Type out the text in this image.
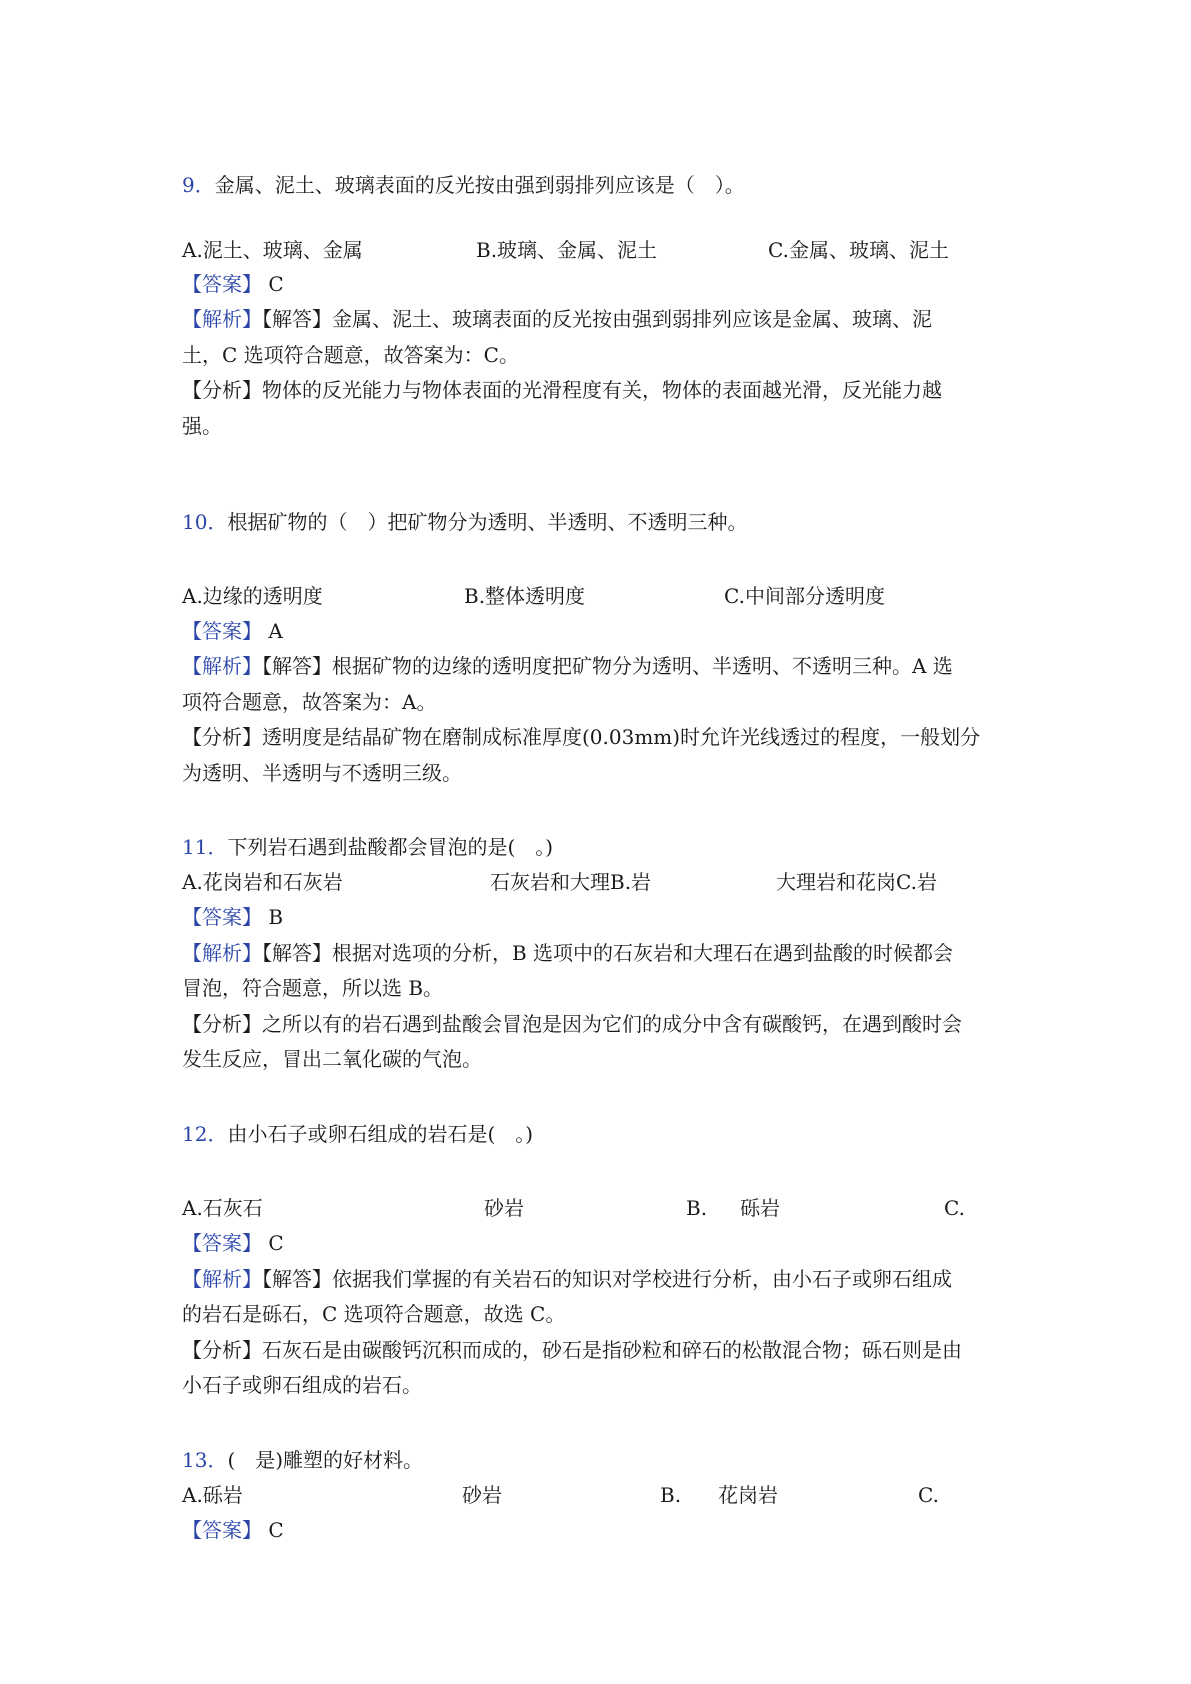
9．金属、泥土、玻璃表面的反光按由强到弱排列应该是（　）。
A.泥土、玻璃、金属	B.玻璃、金属、泥土	C.金属、玻璃、泥土
【答案】 C
【解析】【解答】金属、泥土、玻璃表面的反光按由强到弱排列应该是金属、玻璃、泥
土，C 选项符合题意，故答案为：C。
【分析】物体的反光能力与物体表面的光滑程度有关，物体的表面越光滑，反光能力越
强。
10．根据矿物的（　）把矿物分为透明、半透明、不透明三种。
A.边缘的透明度	B.整体透明度	C.中间部分透明度
【答案】 A
【解析】【解答】根据矿物的边缘的透明度把矿物分为透明、半透明、不透明三种。A 选
项符合题意，故答案为：A。
【分析】透明度是结晶矿物在磨制成标准厚度(0.03mm)时允许光线透过的程度，一般划分
为透明、半透明与不透明三级。
11．下列岩石遇到盐酸都会冒泡的是(　。)
A.花岗岩和石灰岩	石灰岩和大理B.岩	大理岩和花岗C.岩
【答案】 B
【解析】【解答】根据对选项的分析，B 选项中的石灰岩和大理石在遇到盐酸的时候都会
冒泡，符合题意，所以选 B。
【分析】之所以有的岩石遇到盐酸会冒泡是因为它们的成分中含有碳酸钙，在遇到酸时会
发生反应，冒出二氧化碳的气泡。
12．由小石子或卵石组成的岩石是(　。)
A.石灰石	砂岩	B. 砾岩	C.
【答案】 C
【解析】【解答】依据我们掌握的有关岩石的知识对学校进行分析，由小石子或卵石组成
的岩石是砾石，C 选项符合题意，故选 C。
【分析】石灰石是由碳酸钙沉积而成的，砂石是指砂粒和碎石的松散混合物；砾石则是由
小石子或卵石组成的岩石。
13．(　是)雕塑的好材料。
A.砾岩	砂岩	B. 花岗岩	C.
【答案】 C
